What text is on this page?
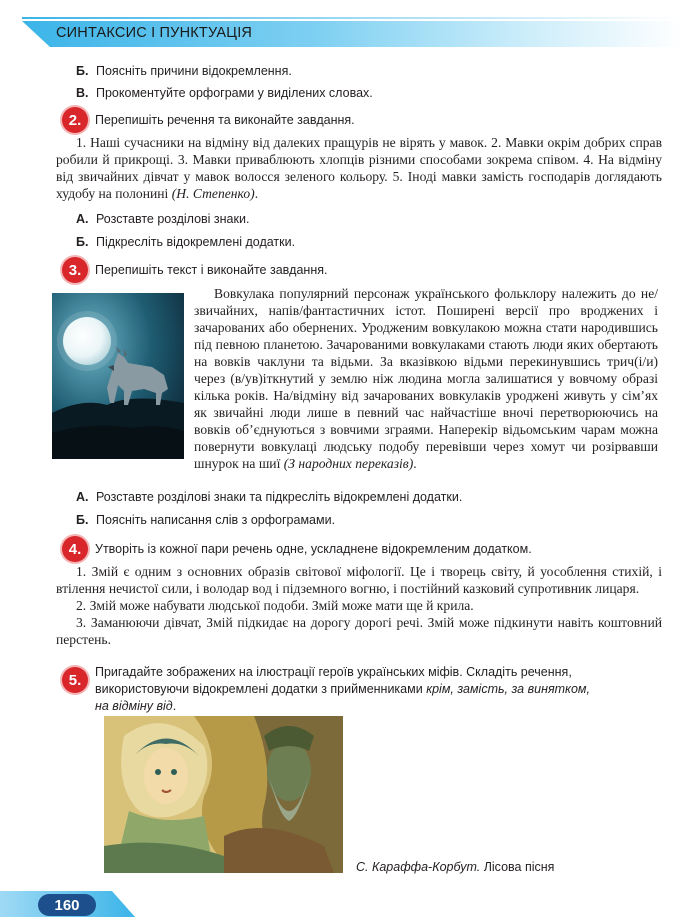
СИНТАКСИС І ПУНКТУАЦІЯ
Б. Поясніть причини відокремлення.
В. Прокоментуйте орфограми у виділених словах.
2.	Перепишіть речення та виконайте завдання.

1. Наші сучасники на відміну від далеких пращурів не вірять у мавок. 2. Мавки окрім добрих справ робили й прикрощі. 3. Мавки приваблюють хлопців різними способами зокрема співом. 4. На відміну від звичайних дівчат у мавок волосся зеленого кольору. 5. Іноді мавки замість господарів доглядають худобу на полонині (Н. Степенко).

А. Розставте розділові знаки.
Б. Підкресліть відокремлені додатки.
3.	Перепишіть текст і виконайте завдання.

Вовкулака популярний персонаж українського фольклору належить до не/звичайних, напів/фантастичних істот. Поширені версії про вроджених і зачарованих або обернених. Уродженим вовкулакою можна стати народившись під певною планетою. Зачарованими вовкулаками стають люди яких обертають на вовків чаклуни та відьми. За вказівкою відьми перекинувшись трич(і/и) через (в/ув)іткнутий у землю ніж людина могла залишатися у вовчому образі кілька років. На/відміну від зачарованих вовкулаків уроджені живуть у сім’ях як звичайні люди лише в певний час найчастіше вночі перетворюючись на вовків об’єднуються з вовчими зграями. Наперекір відьомським чарам можна повернути вовкулаці людську подобу перевівши через хомут чи розірвавши шнурок на шиї (З народних переказів).

А. Розставте розділові знаки та підкресліть відокремлені додатки.
Б. Поясніть написання слів з орфограмами.
4.	Утворіть із кожної пари речень одне, ускладнене відокремленим додатком.

1. Змій є одним з основних образів світової міфології. Це і творець світу, й уособлення стихій, і втілення нечистої сили, і володар вод і підземного вогню, і постійний казковий супротивник лицаря.

2. Змій може набувати людської подоби. Змій може мати ще й крила.

3. Заманюючи дівчат, Змій підкидає на дорогу дорогі речі. Змій може підкинути навіть коштовний перстень.

5.	Пригадайте зображених на ілюстрації героїв українських міфів. Складіть речення, використовуючи відокремлені додатки з прийменниками крім, замість, за винятком, на відміну від.
С. Караффа-Корбут. Лісова пісня
160
